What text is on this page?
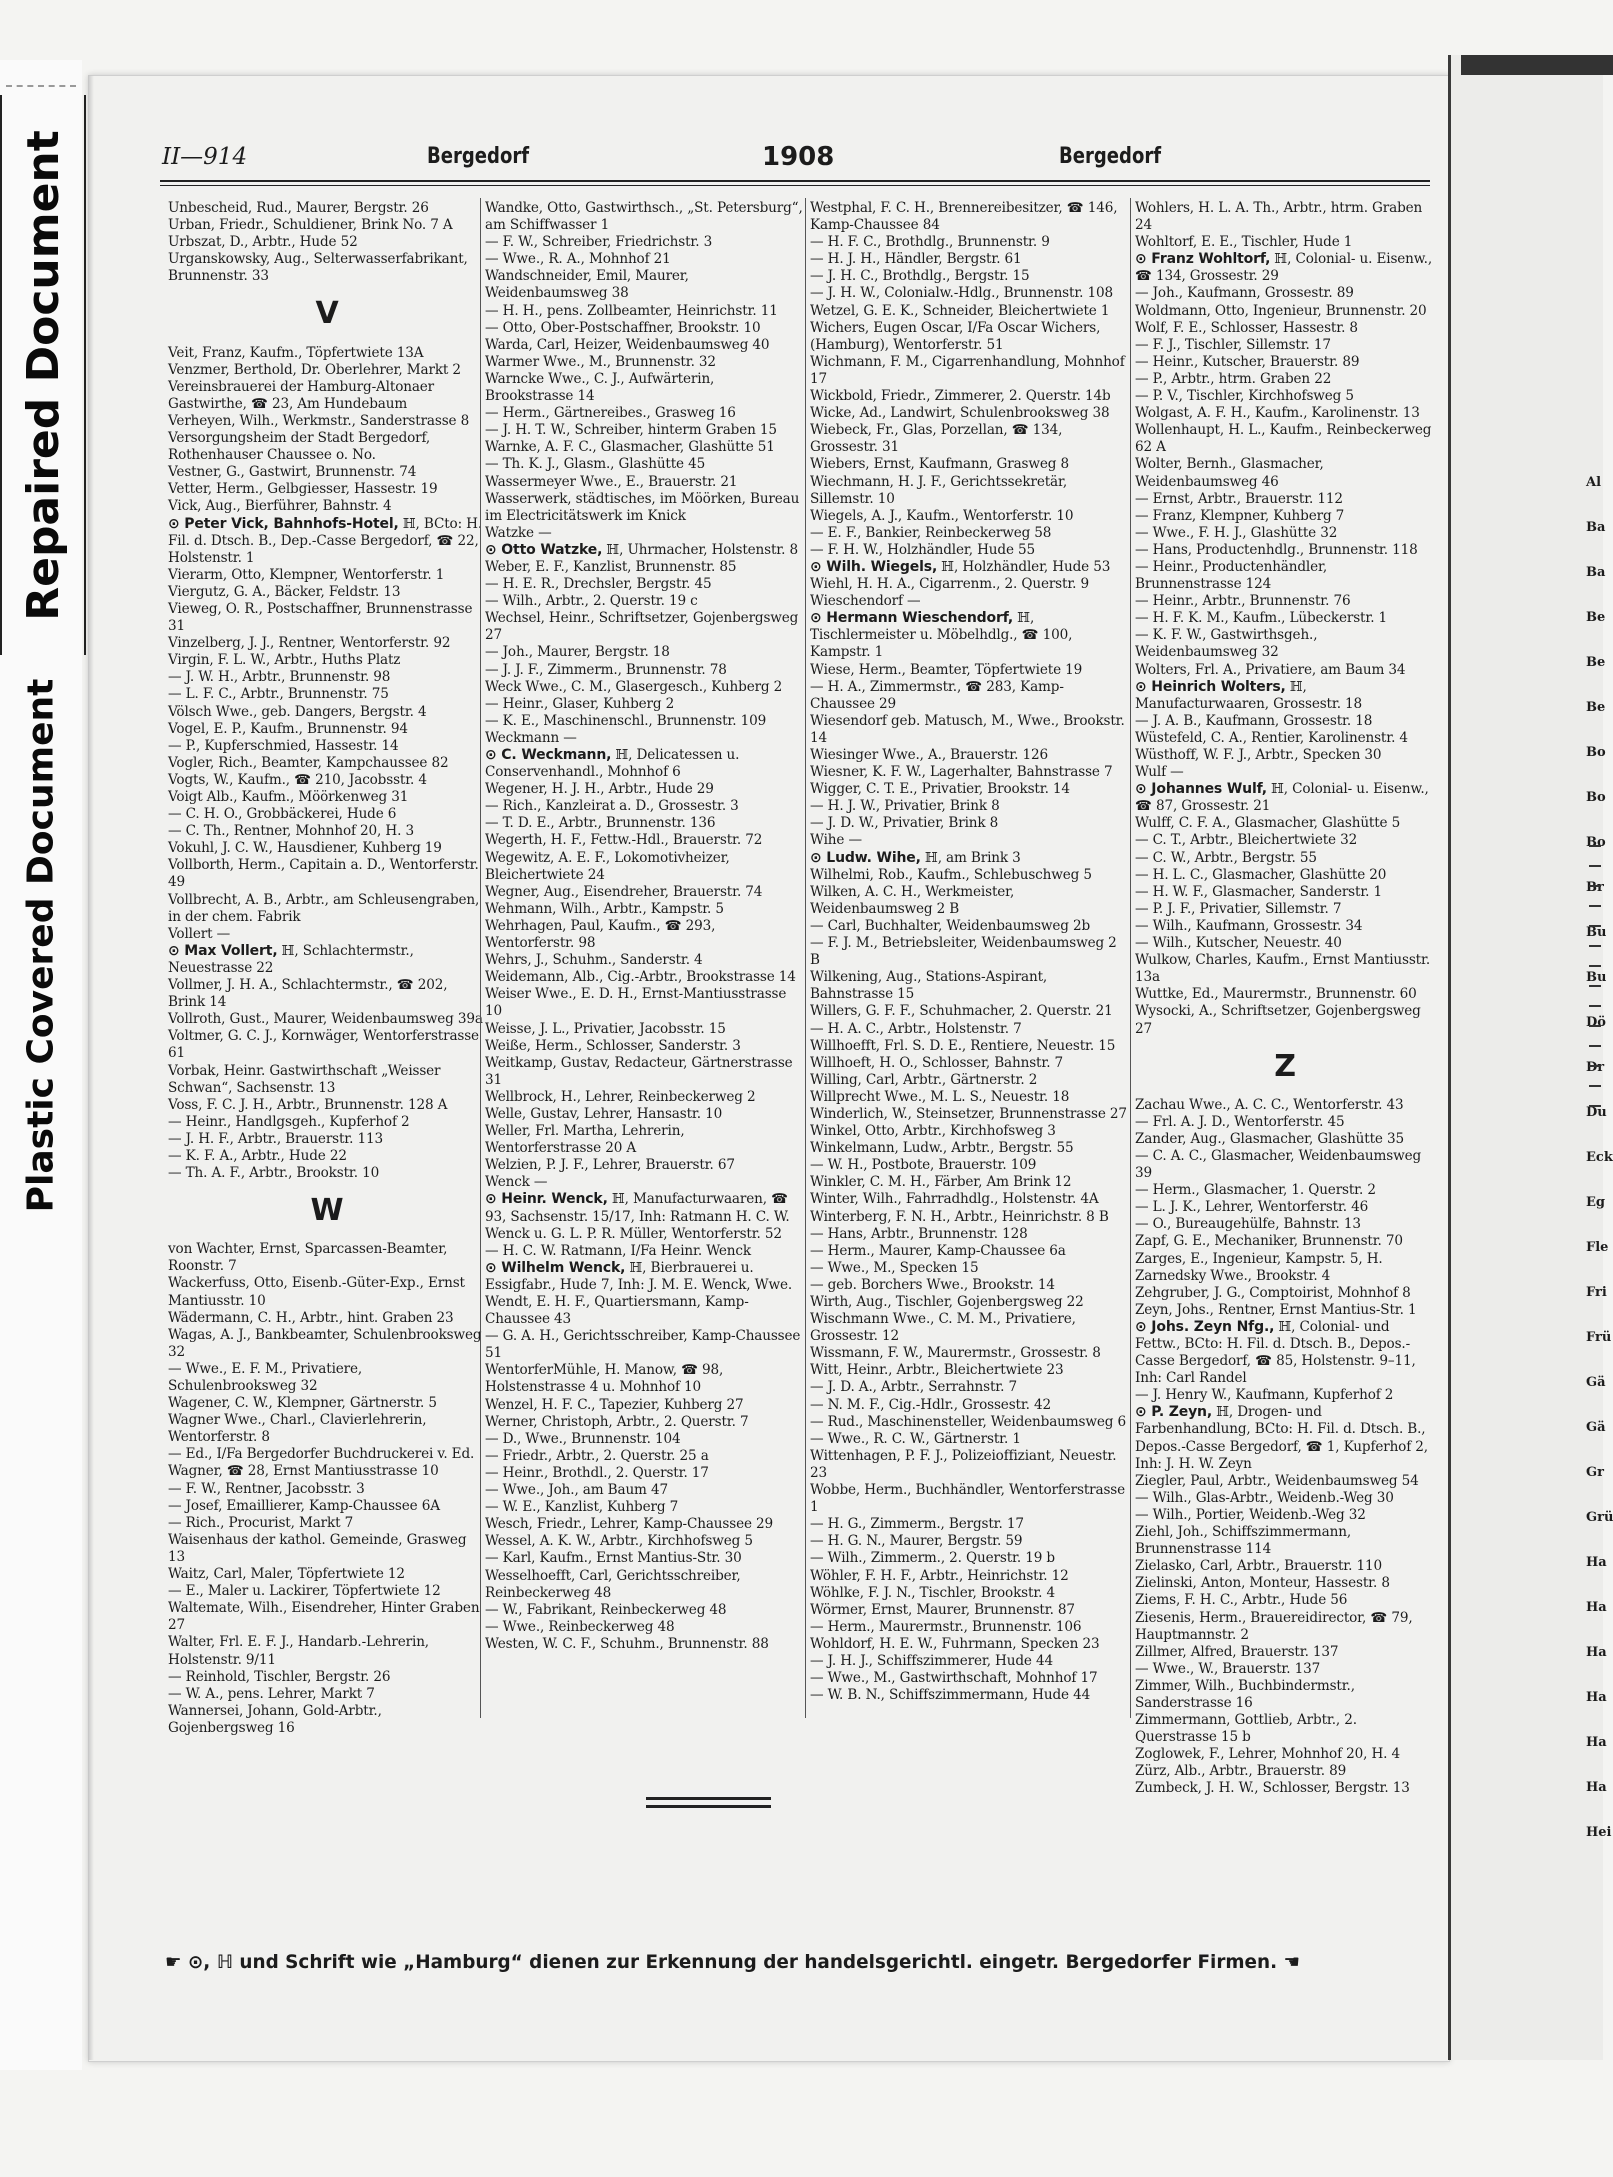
Repaired Document
Plastic Covered Document
Al
Ba
Ba
Be
Be
Be
Bo
Bo
Bo
Br
Bu
Bu
Dö
Dr
Du
Eck
Eg
Fle
Fri
Frü
Gä
Gä
Gr
Grü
Ha
Ha
Ha
Ha
Ha
Ha
Hei
II—914	Bergedorf	1908	Bergedorf
Unbescheid, Rud., Maurer, Bergstr. 26
Urban, Friedr., Schuldiener, Brink No. 7 A
Urbszat, D., Arbtr., Hude 52
Urganskowsky, Aug., Selterwasserfabrikant, Brunnenstr. 33
V
Veit, Franz, Kaufm., Töpfertwiete 13A
Venzmer, Berthold, Dr. Oberlehrer, Markt 2
Vereinsbrauerei der Hamburg-Altonaer Gastwirthe, ☎ 23, Am Hundebaum
Verheyen, Wilh., Werkmstr., Sanderstrasse 8
Versorgungsheim der Stadt Bergedorf, Rothenhauser Chaussee o. No.
Vestner, G., Gastwirt, Brunnenstr. 74
Vetter, Herm., Gelbgiesser, Hassestr. 19
Vick, Aug., Bierführer, Bahnstr. 4
⊙ Peter Vick, Bahnhofs-Hotel, ℍ, BCto: H. Fil. d. Dtsch. B., Dep.-Casse Bergedorf, ☎ 22, Holstenstr. 1
Vierarm, Otto, Klempner, Wentorferstr. 1
Viergutz, G. A., Bäcker, Feldstr. 13
Vieweg, O. R., Postschaffner, Brunnenstrasse 31
Vinzelberg, J. J., Rentner, Wentorferstr. 92
Virgin, F. L. W., Arbtr., Huths Platz
— J. W. H., Arbtr., Brunnenstr. 98
— L. F. C., Arbtr., Brunnenstr. 75
Völsch Wwe., geb. Dangers, Bergstr. 4
Vogel, E. P., Kaufm., Brunnenstr. 94
— P., Kupferschmied, Hassestr. 14
Vogler, Rich., Beamter, Kampchaussee 82
Vogts, W., Kaufm., ☎ 210, Jacobsstr. 4
Voigt Alb., Kaufm., Möörkenweg 31
— C. H. O., Grobbäckerei, Hude 6
— C. Th., Rentner, Mohnhof 20, H. 3
Vokuhl, J. C. W., Hausdiener, Kuhberg 19
Vollborth, Herm., Capitain a. D., Wentorferstr. 49
Vollbrecht, A. B., Arbtr., am Schleusengraben, in der chem. Fabrik
Vollert —
⊙ Max Vollert, ℍ, Schlachtermstr., Neuestrasse 22
Vollmer, J. H. A., Schlachtermstr., ☎ 202, Brink 14
Vollroth, Gust., Maurer, Weidenbaumsweg 39a
Voltmer, G. C. J., Kornwäger, Wentorferstrasse 61
Vorbak, Heinr. Gastwirthschaft „Weisser Schwan“, Sachsenstr. 13
Voss, F. C. J. H., Arbtr., Brunnenstr. 128 A
— Heinr., Handlgsgeh., Kupferhof 2
— J. H. F., Arbtr., Brauerstr. 113
— K. F. A., Arbtr., Hude 22
— Th. A. F., Arbtr., Brookstr. 10
W
von Wachter, Ernst, Sparcassen-Beamter, Roonstr. 7
Wackerfuss, Otto, Eisenb.-Güter-Exp., Ernst Mantiusstr. 10
Wädermann, C. H., Arbtr., hint. Graben 23
Wagas, A. J., Bankbeamter, Schulenbrooksweg 32
— Wwe., E. F. M., Privatiere, Schulenbrooksweg 32
Wagener, C. W., Klempner, Gärtnerstr. 5
Wagner Wwe., Charl., Clavierlehrerin, Wentorferstr. 8
— Ed., I/Fa Bergedorfer Buchdruckerei v. Ed. Wagner, ☎ 28, Ernst Mantiusstrasse 10
— F. W., Rentner, Jacobsstr. 3
— Josef, Emaillierer, Kamp-Chaussee 6A
— Rich., Procurist, Markt 7
Waisenhaus der kathol. Gemeinde, Grasweg 13
Waitz, Carl, Maler, Töpfertwiete 12
— E., Maler u. Lackirer, Töpfertwiete 12
Waltemate, Wilh., Eisendreher, Hinter Graben 27
Walter, Frl. E. F. J., Handarb.-Lehrerin, Holstenstr. 9/11
— Reinhold, Tischler, Bergstr. 26
— W. A., pens. Lehrer, Markt 7
Wannersei, Johann, Gold-Arbtr., Gojenbergsweg 16
Wandke, Otto, Gastwirthsch., „St. Petersburg“, am Schiffwasser 1
— F. W., Schreiber, Friedrichstr. 3
— Wwe., R. A., Mohnhof 21
Wandschneider, Emil, Maurer, Weidenbaumsweg 38
— H. H., pens. Zollbeamter, Heinrichstr. 11
— Otto, Ober-Postschaffner, Brookstr. 10
Warda, Carl, Heizer, Weidenbaumsweg 40
Warmer Wwe., M., Brunnenstr. 32
Warncke Wwe., C. J., Aufwärterin, Brookstrasse 14
— Herm., Gärtnereibes., Grasweg 16
— J. H. T. W., Schreiber, hinterm Graben 15
Warnke, A. F. C., Glasmacher, Glashütte 51
— Th. K. J., Glasm., Glashütte 45
Wassermeyer Wwe., E., Brauerstr. 21
Wasserwerk, städtisches, im Möörken, Bureau im Electricitätswerk im Knick
Watzke —
⊙ Otto Watzke, ℍ, Uhrmacher, Holstenstr. 8
Weber, E. F., Kanzlist, Brunnenstr. 85
— H. E. R., Drechsler, Bergstr. 45
— Wilh., Arbtr., 2. Querstr. 19 c
Wechsel, Heinr., Schriftsetzer, Gojenbergsweg 27
— Joh., Maurer, Bergstr. 18
— J. J. F., Zimmerm., Brunnenstr. 78
Weck Wwe., C. M., Glasergesch., Kuhberg 2
— Heinr., Glaser, Kuhberg 2
— K. E., Maschinenschl., Brunnenstr. 109
Weckmann —
⊙ C. Weckmann, ℍ, Delicatessen u. Conservenhandl., Mohnhof 6
Wegener, H. J. H., Arbtr., Hude 29
— Rich., Kanzleirat a. D., Grossestr. 3
— T. D. E., Arbtr., Brunnenstr. 136
Wegerth, H. F., Fettw.-Hdl., Brauerstr. 72
Wegewitz, A. E. F., Lokomotivheizer, Bleichertwiete 24
Wegner, Aug., Eisendreher, Brauerstr. 74
Wehmann, Wilh., Arbtr., Kampstr. 5
Wehrhagen, Paul, Kaufm., ☎ 293, Wentorferstr. 98
Wehrs, J., Schuhm., Sanderstr. 4
Weidemann, Alb., Cig.-Arbtr., Brookstrasse 14
Weiser Wwe., E. D. H., Ernst-Mantiusstrasse 10
Weisse, J. L., Privatier, Jacobsstr. 15
Weiße, Herm., Schlosser, Sanderstr. 3
Weitkamp, Gustav, Redacteur, Gärtnerstrasse 31
Wellbrock, H., Lehrer, Reinbeckerweg 2
Welle, Gustav, Lehrer, Hansastr. 10
Weller, Frl. Martha, Lehrerin, Wentorferstrasse 20 A
Welzien, P. J. F., Lehrer, Brauerstr. 67
Wenck —
⊙ Heinr. Wenck, ℍ, Manufacturwaaren, ☎ 93, Sachsenstr. 15/17, Inh: Ratmann H. C. W. Wenck u. G. L. P. R. Müller, Wentorferstr. 52
— H. C. W. Ratmann, I/Fa Heinr. Wenck
⊙ Wilhelm Wenck, ℍ, Bierbrauerei u. Essigfabr., Hude 7, Inh: J. M. E. Wenck, Wwe.
Wendt, E. H. F., Quartiersmann, Kamp-Chaussee 43
— G. A. H., Gerichtsschreiber, Kamp-Chaussee 51
WentorferMühle, H. Manow, ☎ 98, Holstenstrasse 4 u. Mohnhof 10
Wenzel, H. F. C., Tapezier, Kuhberg 27
Werner, Christoph, Arbtr., 2. Querstr. 7
— D., Wwe., Brunnenstr. 104
— Friedr., Arbtr., 2. Querstr. 25 a
— Heinr., Brothdl., 2. Querstr. 17
— Wwe., Joh., am Baum 47
— W. E., Kanzlist, Kuhberg 7
Wesch, Friedr., Lehrer, Kamp-Chaussee 29
Wessel, A. K. W., Arbtr., Kirchhofsweg 5
— Karl, Kaufm., Ernst Mantius-Str. 30
Wesselhoefft, Carl, Gerichtsschreiber, Reinbeckerweg 48
— W., Fabrikant, Reinbeckerweg 48
— Wwe., Reinbeckerweg 48
Westen, W. C. F., Schuhm., Brunnenstr. 88
Westphal, F. C. H., Brennereibesitzer, ☎ 146, Kamp-Chaussee 84
— H. F. C., Brothdlg., Brunnenstr. 9
— H. J. H., Händler, Bergstr. 61
— J. H. C., Brothdlg., Bergstr. 15
— J. H. W., Colonialw.-Hdlg., Brunnenstr. 108
Wetzel, G. E. K., Schneider, Bleichertwiete 1
Wichers, Eugen Oscar, I/Fa Oscar Wichers, (Hamburg), Wentorferstr. 51
Wichmann, F. M., Cigarrenhandlung, Mohnhof 17
Wickbold, Friedr., Zimmerer, 2. Querstr. 14b
Wicke, Ad., Landwirt, Schulenbrooksweg 38
Wiebeck, Fr., Glas, Porzellan, ☎ 134, Grossestr. 31
Wiebers, Ernst, Kaufmann, Grasweg 8
Wiechmann, H. J. F., Gerichtssekretär, Sillemstr. 10
Wiegels, A. J., Kaufm., Wentorferstr. 10
— E. F., Bankier, Reinbeckerweg 58
— F. H. W., Holzhändler, Hude 55
⊙ Wilh. Wiegels, ℍ, Holzhändler, Hude 53
Wiehl, H. H. A., Cigarrenm., 2. Querstr. 9
Wieschendorf —
⊙ Hermann Wieschendorf, ℍ, Tischlermeister u. Möbelhdlg., ☎ 100, Kampstr. 1
Wiese, Herm., Beamter, Töpfertwiete 19
— H. A., Zimmermstr., ☎ 283, Kamp-Chaussee 29
Wiesendorf geb. Matusch, M., Wwe., Brookstr. 14
Wiesinger Wwe., A., Brauerstr. 126
Wiesner, K. F. W., Lagerhalter, Bahnstrasse 7
Wigger, C. T. E., Privatier, Brookstr. 14
— H. J. W., Privatier, Brink 8
— J. D. W., Privatier, Brink 8
Wihe —
⊙ Ludw. Wihe, ℍ, am Brink 3
Wilhelmi, Rob., Kaufm., Schlebuschweg 5
Wilken, A. C. H., Werkmeister, Weidenbaumsweg 2 B
— Carl, Buchhalter, Weidenbaumsweg 2b
— F. J. M., Betriebsleiter, Weidenbaumsweg 2 B
Wilkening, Aug., Stations-Aspirant, Bahnstrasse 15
Willers, G. F. F., Schuhmacher, 2. Querstr. 21
— H. A. C., Arbtr., Holstenstr. 7
Willhoefft, Frl. S. D. E., Rentiere, Neuestr. 15
Willhoeft, H. O., Schlosser, Bahnstr. 7
Willing, Carl, Arbtr., Gärtnerstr. 2
Willprecht Wwe., M. L. S., Neuestr. 18
Winderlich, W., Steinsetzer, Brunnenstrasse 27
Winkel, Otto, Arbtr., Kirchhofsweg 3
Winkelmann, Ludw., Arbtr., Bergstr. 55
— W. H., Postbote, Brauerstr. 109
Winkler, C. M. H., Färber, Am Brink 12
Winter, Wilh., Fahrradhdlg., Holstenstr. 4A
Winterberg, F. N. H., Arbtr., Heinrichstr. 8 B
— Hans, Arbtr., Brunnenstr. 128
— Herm., Maurer, Kamp-Chaussee 6a
— Wwe., M., Specken 15
— geb. Borchers Wwe., Brookstr. 14
Wirth, Aug., Tischler, Gojenbergsweg 22
Wischmann Wwe., C. M. M., Privatiere, Grossestr. 12
Wissmann, F. W., Maurermstr., Grossestr. 8
Witt, Heinr., Arbtr., Bleichertwiete 23
— J. D. A., Arbtr., Serrahnstr. 7
— N. M. F., Cig.-Hdlr., Grossestr. 42
— Rud., Maschinensteller, Weidenbaumsweg 6
— Wwe., R. C. W., Gärtnerstr. 1
Wittenhagen, P. F. J., Polizeioffiziant, Neuestr. 23
Wobbe, Herm., Buchhändler, Wentorferstrasse 1
— H. G., Zimmerm., Bergstr. 17
— H. G. N., Maurer, Bergstr. 59
— Wilh., Zimmerm., 2. Querstr. 19 b
Wöhler, F. H. F., Arbtr., Heinrichstr. 12
Wöhlke, F. J. N., Tischler, Brookstr. 4
Wörmer, Ernst, Maurer, Brunnenstr. 87
— Herm., Maurermstr., Brunnenstr. 106
Wohldorf, H. E. W., Fuhrmann, Specken 23
— J. H. J., Schiffszimmerer, Hude 44
— Wwe., M., Gastwirthschaft, Mohnhof 17
— W. B. N., Schiffszimmermann, Hude 44
Wohlers, H. L. A. Th., Arbtr., htrm. Graben 24
Wohltorf, E. E., Tischler, Hude 1
⊙ Franz Wohltorf, ℍ, Colonial- u. Eisenw., ☎ 134, Grossestr. 29
— Joh., Kaufmann, Grossestr. 89
Woldmann, Otto, Ingenieur, Brunnenstr. 20
Wolf, F. E., Schlosser, Hassestr. 8
— F. J., Tischler, Sillemstr. 17
— Heinr., Kutscher, Brauerstr. 89
— P., Arbtr., htrm. Graben 22
— P. V., Tischler, Kirchhofsweg 5
Wolgast, A. F. H., Kaufm., Karolinenstr. 13
Wollenhaupt, H. L., Kaufm., Reinbeckerweg 62 A
Wolter, Bernh., Glasmacher, Weidenbaumsweg 46
— Ernst, Arbtr., Brauerstr. 112
— Franz, Klempner, Kuhberg 7
— Wwe., F. H. J., Glashütte 32
— Hans, Productenhdlg., Brunnenstr. 118
— Heinr., Productenhändler, Brunnenstrasse 124
— Heinr., Arbtr., Brunnenstr. 76
— H. F. K. M., Kaufm., Lübeckerstr. 1
— K. F. W., Gastwirthsgeh., Weidenbaumsweg 32
Wolters, Frl. A., Privatiere, am Baum 34
⊙ Heinrich Wolters, ℍ, Manufacturwaaren, Grossestr. 18
— J. A. B., Kaufmann, Grossestr. 18
Wüstefeld, C. A., Rentier, Karolinenstr. 4
Wüsthoff, W. F. J., Arbtr., Specken 30
Wulf —
⊙ Johannes Wulf, ℍ, Colonial- u. Eisenw., ☎ 87, Grossestr. 21
Wulff, C. F. A., Glasmacher, Glashütte 5
— C. T., Arbtr., Bleichertwiete 32
— C. W., Arbtr., Bergstr. 55
— H. L. C., Glasmacher, Glashütte 20
— H. W. F., Glasmacher, Sanderstr. 1
— P. J. F., Privatier, Sillemstr. 7
— Wilh., Kaufmann, Grossestr. 34
— Wilh., Kutscher, Neuestr. 40
Wulkow, Charles, Kaufm., Ernst Mantiusstr. 13a
Wuttke, Ed., Maurermstr., Brunnenstr. 60
Wysocki, A., Schriftsetzer, Gojenbergsweg 27
Z
Zachau Wwe., A. C. C., Wentorferstr. 43
— Frl. A. J. D., Wentorferstr. 45
Zander, Aug., Glasmacher, Glashütte 35
— C. A. C., Glasmacher, Weidenbaumsweg 39
— Herm., Glasmacher, 1. Querstr. 2
— L. J. K., Lehrer, Wentorferstr. 46
— O., Bureaugehülfe, Bahnstr. 13
Zapf, G. E., Mechaniker, Brunnenstr. 70
Zarges, E., Ingenieur, Kampstr. 5, H.
Zarnedsky Wwe., Brookstr. 4
Zehgruber, J. G., Comptoirist, Mohnhof 8
Zeyn, Johs., Rentner, Ernst Mantius-Str. 1
⊙ Johs. Zeyn Nfg., ℍ, Colonial- und Fettw., BCto: H. Fil. d. Dtsch. B., Depos.-Casse Bergedorf, ☎ 85, Holstenstr. 9–11, Inh: Carl Randel
— J. Henry W., Kaufmann, Kupferhof 2
⊙ P. Zeyn, ℍ, Drogen- und Farbenhandlung, BCto: H. Fil. d. Dtsch. B., Depos.-Casse Bergedorf, ☎ 1, Kupferhof 2, Inh: J. H. W. Zeyn
Ziegler, Paul, Arbtr., Weidenbaumsweg 54
— Wilh., Glas-Arbtr., Weidenb.-Weg 30
— Wilh., Portier, Weidenb.-Weg 32
Ziehl, Joh., Schiffszimmermann, Brunnenstrasse 114
Zielasko, Carl, Arbtr., Brauerstr. 110
Zielinski, Anton, Monteur, Hassestr. 8
Ziems, F. H. C., Arbtr., Hude 56
Ziesenis, Herm., Brauereidirector, ☎ 79, Hauptmannstr. 2
Zillmer, Alfred, Brauerstr. 137
— Wwe., W., Brauerstr. 137
Zimmer, Wilh., Buchbindermstr., Sanderstrasse 16
Zimmermann, Gottlieb, Arbtr., 2. Querstrasse 15 b
Zoglowek, F., Lehrer, Mohnhof 20, H. 4
Zürz, Alb., Arbtr., Brauerstr. 89
Zumbeck, J. H. W., Schlosser, Bergstr. 13
☛ ⊙, ℍ und Schrift wie „Hamburg“ dienen zur Erkennung der handelsgerichtl. eingetr. Bergedorfer Firmen. ☚
